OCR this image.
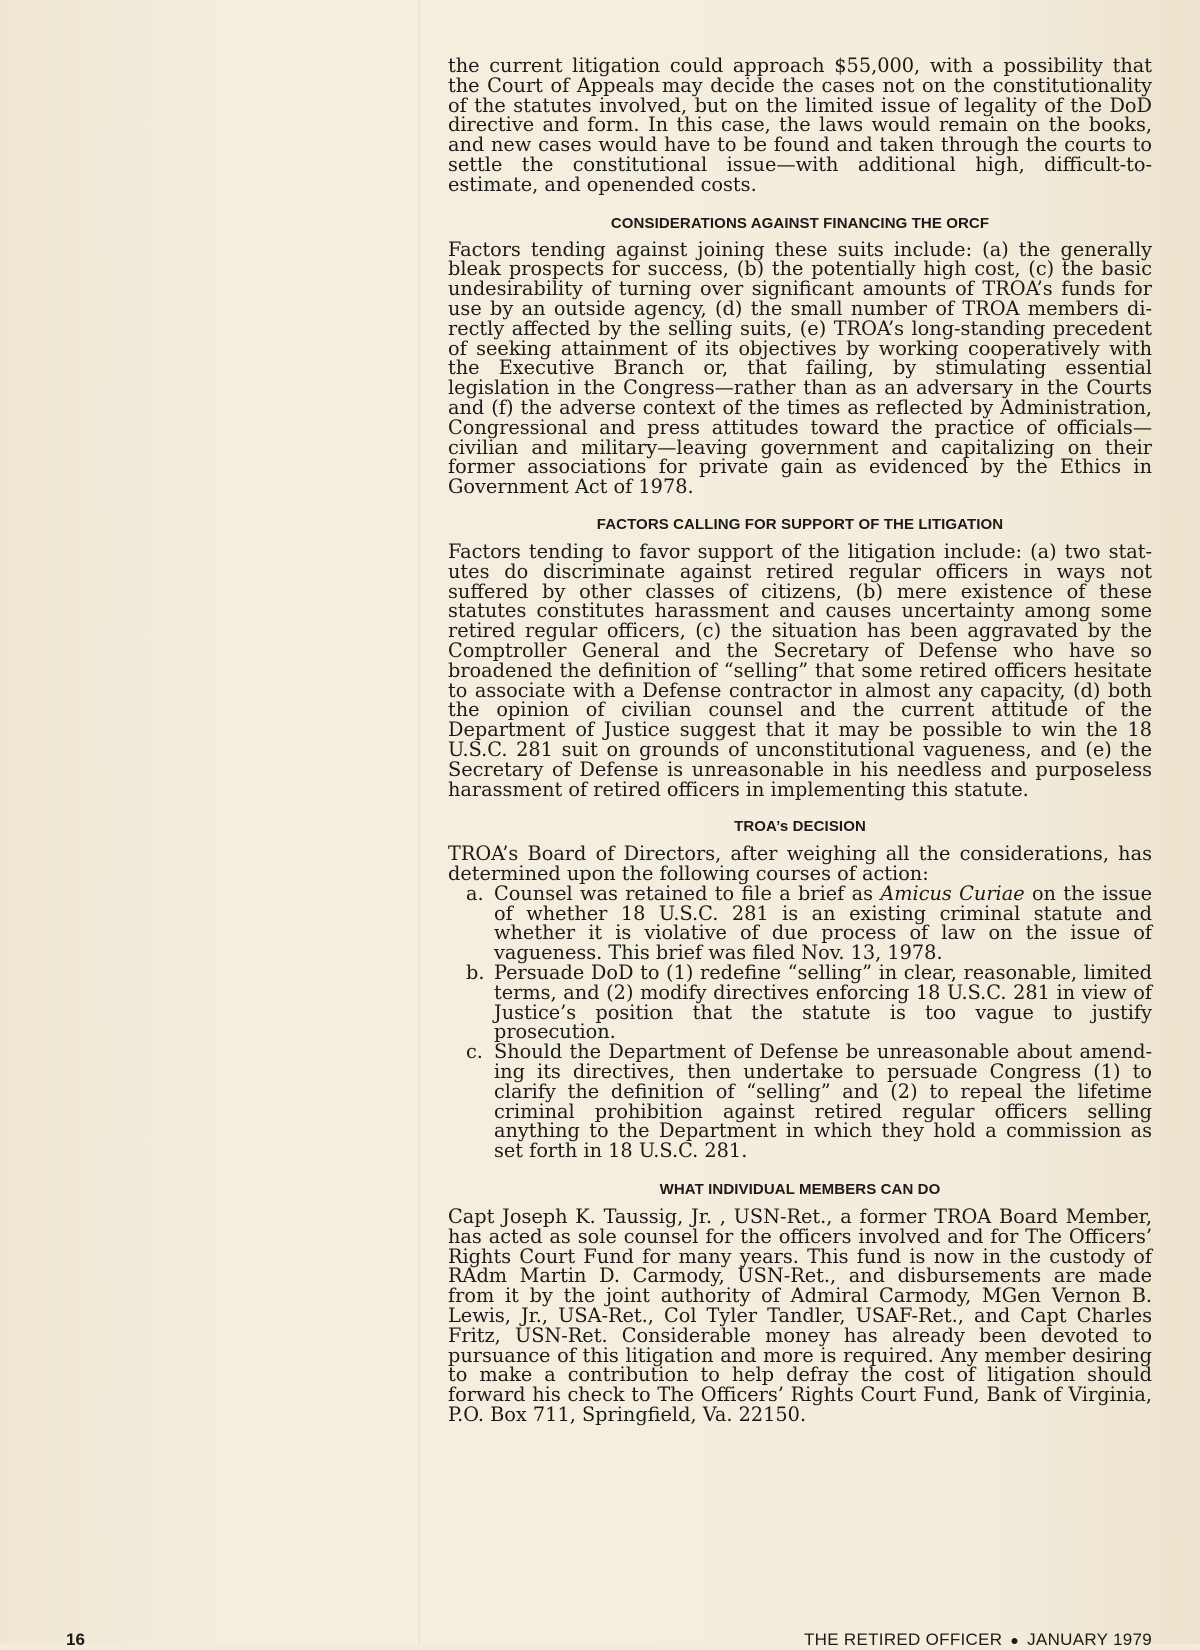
the current litigation could approach $55,000, with a possibility that the Court of Appeals may decide the cases not on the constitutionality of the statutes involved, but on the limited issue of legality of the DoD directive and form. In this case, the laws would remain on the books, and new cases would have to be found and taken through the courts to settle the constitutional issue—with additional high, difficult-to-estimate, and openended costs.

CONSIDERATIONS AGAINST FINANCING THE ORCF

Factors tending against joining these suits include: (a) the generally bleak prospects for success, (b) the potentially high cost, (c) the basic undesirability of turning over significant amounts of TROA’s funds for use by an outside agency, (d) the small number of TROA members directly affected by the selling suits, (e) TROA’s long-standing precedent of seeking attainment of its objectives by working cooperatively with the Executive Branch or, that failing, by stimulating essential legislation in the Congress—rather than as an adversary in the Courts and (f) the adverse context of the times as reflected by Administration, Congressional and press attitudes toward the practice of officials—civilian and military—leaving government and capitalizing on their former associations for private gain as evidenced by the Ethics in Government Act of 1978.

FACTORS CALLING FOR SUPPORT OF THE LITIGATION

Factors tending to favor support of the litigation include: (a) two statutes do discriminate against retired regular officers in ways not suffered by other classes of citizens, (b) mere existence of these statutes constitutes harassment and causes uncertainty among some retired regular officers, (c) the situation has been aggravated by the Comptroller General and the Secretary of Defense who have so broadened the definition of “selling” that some retired officers hesitate to associate with a Defense contractor in almost any capacity, (d) both the opinion of civilian counsel and the current attitude of the Department of Justice suggest that it may be possible to win the 18 U.S.C. 281 suit on grounds of unconstitutional vagueness, and (e) the Secretary of Defense is unreasonable in his needless and purposeless harassment of retired officers in implementing this statute.

TROA’s DECISION

TROA’s Board of Directors, after weighing all the considerations, has determined upon the following courses of action:

a. Counsel was retained to file a brief as Amicus Curiae on the issue of whether 18 U.S.C. 281 is an existing criminal statute and whether it is violative of due process of law on the issue of vagueness. This brief was filed Nov. 13, 1978.

b. Persuade DoD to (1) redefine “selling” in clear, reasonable, limited terms, and (2) modify directives enforcing 18 U.S.C. 281 in view of Justice’s position that the statute is too vague to justify prosecution.

c. Should the Department of Defense be unreasonable about amending its directives, then undertake to persuade Congress (1) to clarify the definition of “selling” and (2) to repeal the lifetime criminal prohibition against retired regular officers selling anything to the Department in which they hold a commission as set forth in 18 U.S.C. 281.

WHAT INDIVIDUAL MEMBERS CAN DO

Capt Joseph K. Taussig, Jr. , USN-Ret., a former TROA Board Member, has acted as sole counsel for the officers involved and for The Officers’ Rights Court Fund for many years. This fund is now in the custody of RAdm Martin D. Carmody, USN-Ret., and disbursements are made from it by the joint authority of Admiral Carmody, MGen Vernon B. Lewis, Jr., USA-Ret., Col Tyler Tandler, USAF-Ret., and Capt Charles Fritz, USN-Ret. Considerable money has already been devoted to pursuance of this litigation and more is required. Any member desiring to make a contribution to help defray the cost of litigation should forward his check to The Officers’ Rights Court Fund, Bank of Virginia, P.O. Box 711, Springfield, Va. 22150.

16	THE RETIRED OFFICER ● JANUARY 1979
